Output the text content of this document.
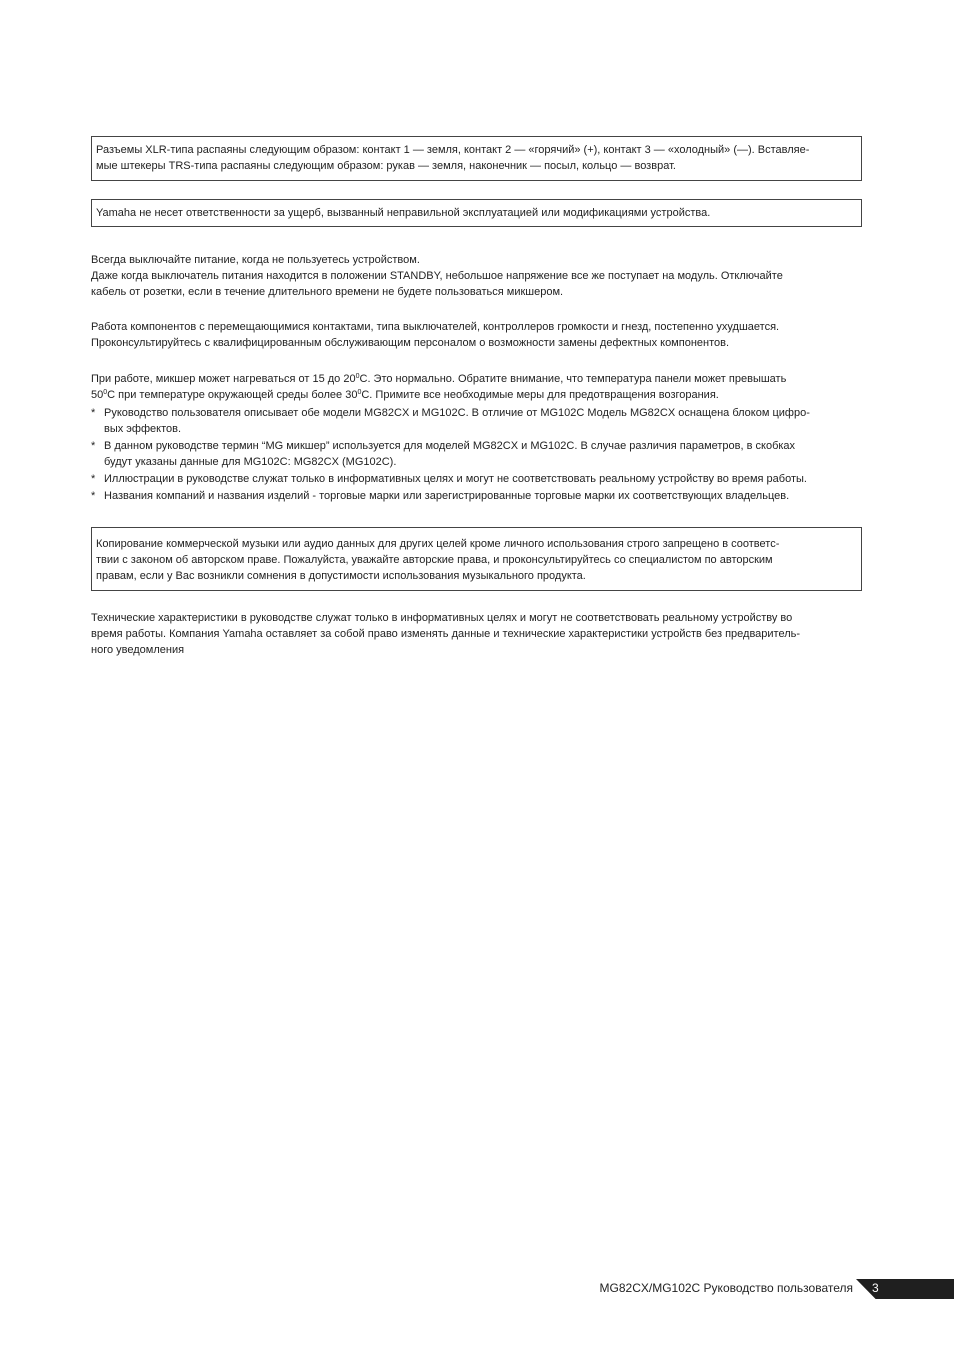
Разъемы XLR-типа распаяны следующим образом: контакт 1 — земля, контакт 2 — «горячий» (+), контакт 3 — «холодный» (—). Вставляе-

мые штекеры TRS-типа распаяны следующим образом: рукав — земля, наконечник — посыл, кольцо — возврат.

Yamaha не несет ответственности за ущерб, вызванный неправильной эксплуатацией или модификациями устройства.

Всегда выключайте питание, когда не пользуетесь устройством.

Даже когда выключатель питания находится в положении STANDBY, небольшое напряжение все же поступает на модуль. Отключайте

кабель от розетки, если в течение длительного времени не будете пользоваться микшером.

Работа компонентов с перемещающимися контактами, типа выключателей, контроллеров громкости и гнезд, постепенно ухудшается.

Проконсультируйтесь с квалифицированным обслуживающим персоналом о возможности замены дефектных компонентов.

При работе, микшер может нагреваться от 15 до $20^0С$. Это нормально. Обратите внимание, что температура панели может превышать

$50^0С$ при температуре окружающей среды более $30^0С$. Примите все необходимые меры для предотвращения возгорания.

* Руководство пользователя описывает обе модели MG82CX и MG102C. В отличие от MG102C Модель MG82CX оснащена блоком цифро-
вых эффектов.
* В данном руководстве термин “MG микшер” используется для моделей MG82CX и MG102C. В случае различия параметров, в скобках
будут указаны данные для MG102C: MG82CX (MG102C).
* Иллюстрации в руководстве служат только в информативных целях и могут не соответствовать реальному устройству во время работы.
* Названия компаний и названия изделий - торговые марки или зарегистрированные торговые марки их соответствующих владельцев.

Копирование коммерческой музыки или аудио данных для других целей кроме личного использования строго запрещено в соответс-

твии с законом об авторском праве. Пожалуйста, уважайте авторские права, и проконсультируйтесь со специалистом по авторским

правам, если у Вас возникли сомнения в допустимости использования музыкального продукта.

Технические характеристики в руководстве служат только в информативных целях и могут не соответствовать реальному устройству во

время работы. Компания Yamaha оставляет за собой право изменять данные и технические характеристики устройств без предваритель-

ного уведомления

MG82CX/MG102C Руководство пользователя 3
